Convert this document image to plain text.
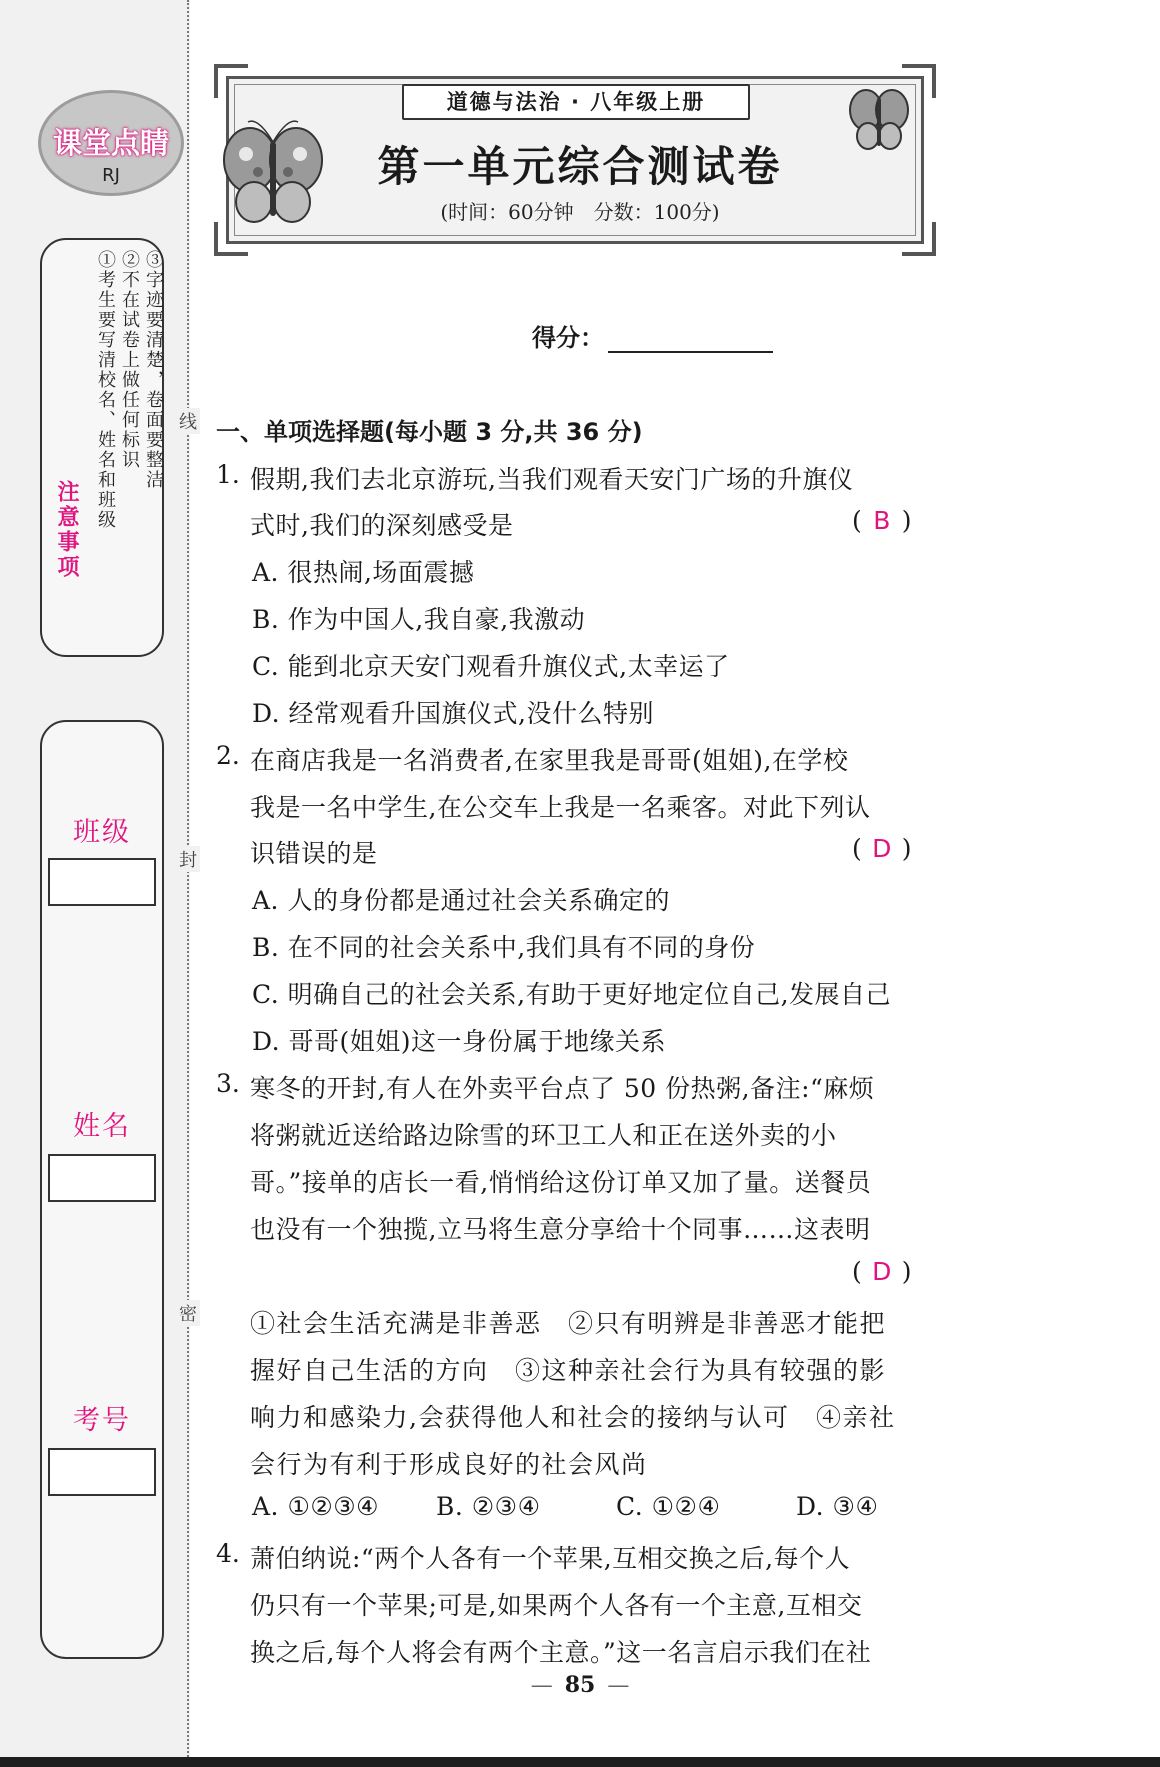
线
封
密
课堂点睛
RJ
注意事项 ①考生要写清校名、姓名和班级 ②不在试卷上做任何标识 ③字迹要清楚，卷面要整洁
班级
姓名
考号
道德与法治 · 八年级上册
第一单元综合测试卷
(时间：60分钟　分数：100分)
得分：
一、单项选择题(每小题 3 分,共 36 分)
1. 假期,我们去北京游玩,当我们观看天安门广场的升旗仪
式时,我们的深刻感受是	( B )
A. 很热闹,场面震撼
B. 作为中国人,我自豪,我激动
C. 能到北京天安门观看升旗仪式,太幸运了
D. 经常观看升国旗仪式,没什么特别
2. 在商店我是一名消费者,在家里我是哥哥(姐姐),在学校
我是一名中学生,在公交车上我是一名乘客。对此下列认
识错误的是	( D )
A. 人的身份都是通过社会关系确定的
B. 在不同的社会关系中,我们具有不同的身份
C. 明确自己的社会关系,有助于更好地定位自己,发展自己
D. 哥哥(姐姐)这一身份属于地缘关系
3. 寒冬的开封,有人在外卖平台点了 50 份热粥,备注:“麻烦
将粥就近送给路边除雪的环卫工人和正在送外卖的小
哥。”接单的店长一看,悄悄给这份订单又加了量。送餐员
也没有一个独揽,立马将生意分享给十个同事……这表明
( D )
①社会生活充满是非善恶　②只有明辨是非善恶才能把
握好自己生活的方向　③这种亲社会行为具有较强的影
响力和感染力,会获得他人和社会的接纳与认可　④亲社
会行为有利于形成良好的社会风尚
A. ①②③④ B. ②③④	C. ①②④	D. ③④
4. 萧伯纳说:“两个人各有一个苹果,互相交换之后,每个人
仍只有一个苹果;可是,如果两个人各有一个主意,互相交
换之后,每个人将会有两个主意。”这一名言启示我们在社
— 85 —
